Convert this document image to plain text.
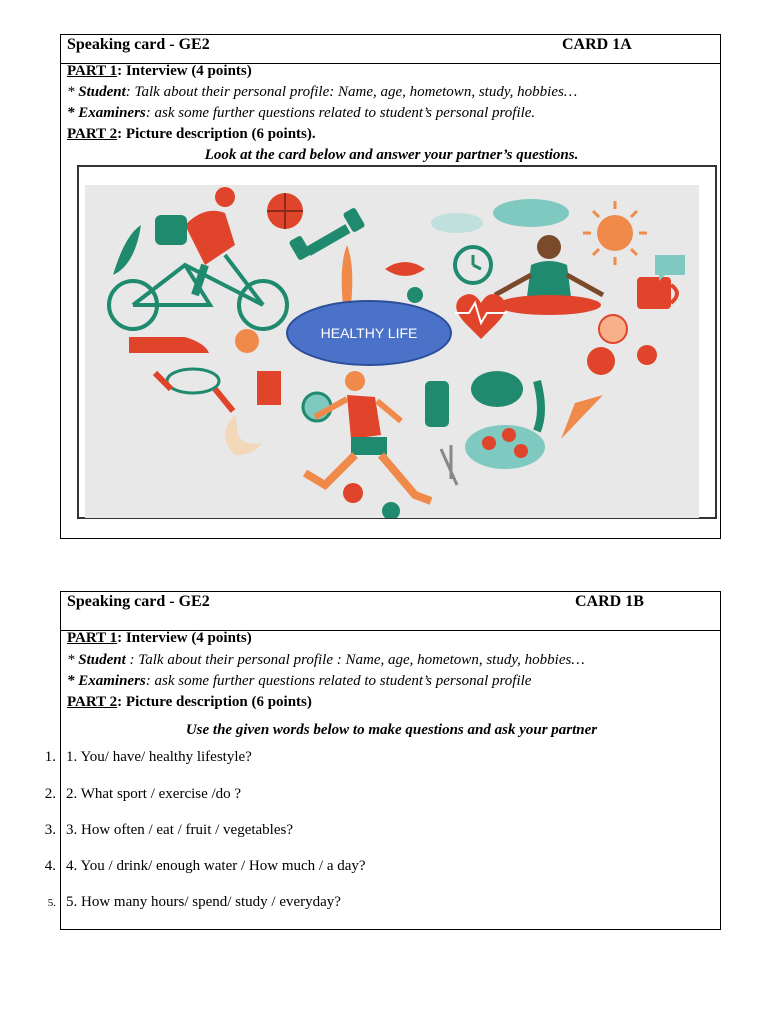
Speaking card - GE2	CARD 1A
PART 1: Interview (4 points)
* Student: Talk about their personal profile: Name, age, hometown, study, hobbies…
* Examiners: ask some further questions related to student’s personal profile.
PART 2: Picture description (6 points).
Look at the card below and answer your partner’s questions.
HEALTHY LIFE
Speaking card - GE2	CARD 1B
PART 1: Interview (4 points)
* Student : Talk about their personal profile : Name, age, hometown, study, hobbies…
* Examiners: ask some further questions related to student’s personal profile
PART 2: Picture description (6 points)
Use the given words below to make questions and ask your partner
1. 1. You/ have/ healthy lifestyle?
2. 2. What sport / exercise /do ?
3. 3. How often / eat / fruit / vegetables?
4. 4. You / drink/ enough water / How much / a day?
5. 5. How many hours/ spend/ study / everyday?
